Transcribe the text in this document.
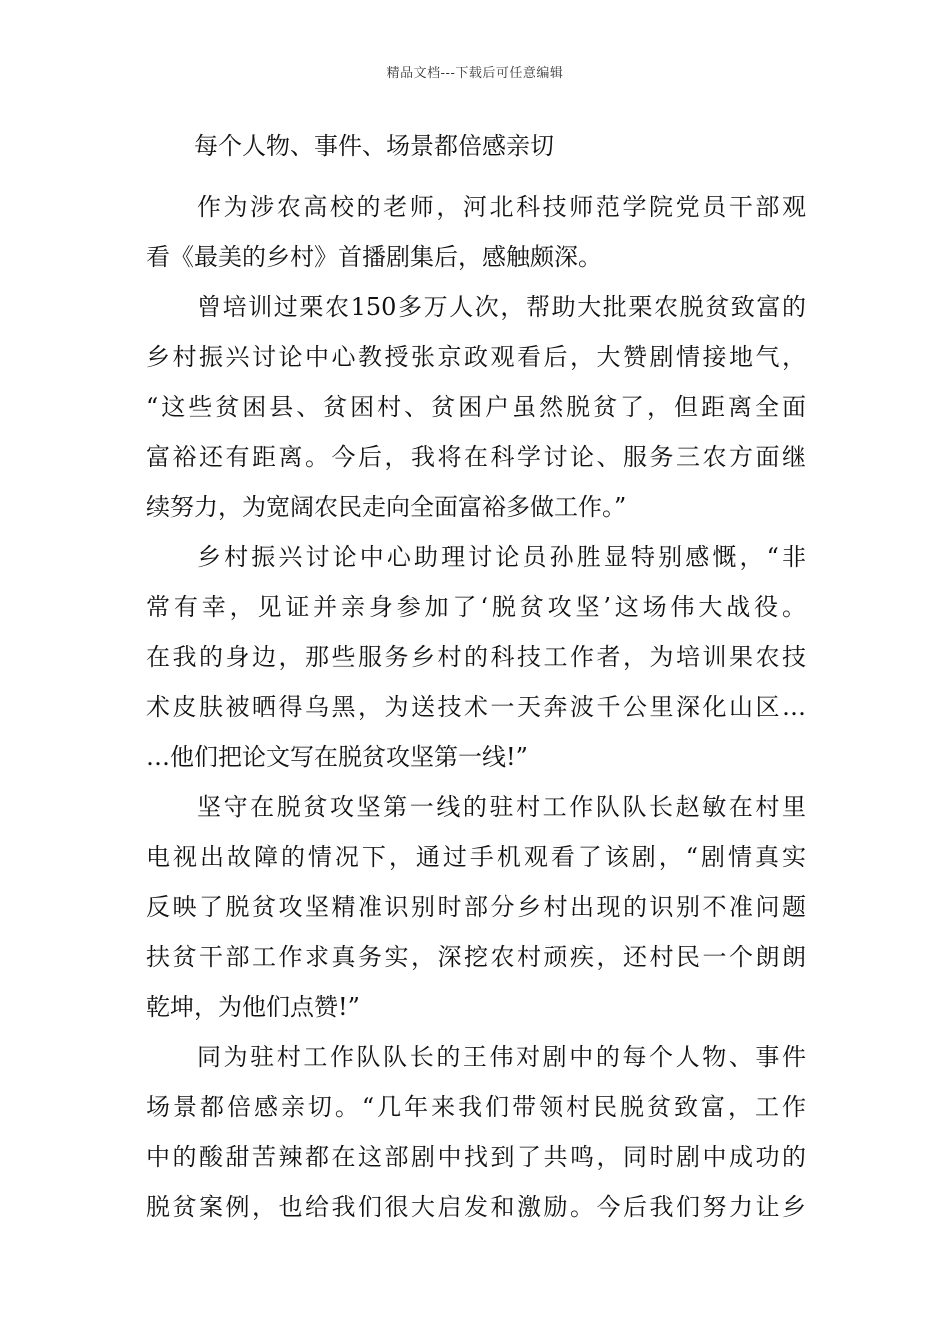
精品文档---下载后可任意编辑
每个人物、事件、场景都倍感亲切
作为涉农高校的老师，河北科技师范学院党员干部观
看《最美的乡村》首播剧集后，感触颇深。
曾培训过栗农150多万人次，帮助大批栗农脱贫致富的
乡村振兴讨论中心教授张京政观看后，大赞剧情接地气，
“这些贫困县、贫困村、贫困户虽然脱贫了，但距离全面
富裕还有距离。今后，我将在科学讨论、服务三农方面继
续努力，为宽阔农民走向全面富裕多做工作。”
乡村振兴讨论中心助理讨论员孙胜显特别感慨，“非
常有幸，见证并亲身参加了‘脱贫攻坚’这场伟大战役。
在我的身边，那些服务乡村的科技工作者，为培训果农技
术皮肤被晒得乌黑，为送技术一天奔波千公里深化山区…
…他们把论文写在脱贫攻坚第一线!”
坚守在脱贫攻坚第一线的驻村工作队队长赵敏在村里
电视出故障的情况下，通过手机观看了该剧，“剧情真实
反映了脱贫攻坚精准识别时部分乡村出现的识别不准问题
扶贫干部工作求真务实，深挖农村顽疾，还村民一个朗朗
乾坤，为他们点赞!”
同为驻村工作队队长的王伟对剧中的每个人物、事件
场景都倍感亲切。“几年来我们带领村民脱贫致富，工作
中的酸甜苦辣都在这部剧中找到了共鸣，同时剧中成功的
脱贫案例，也给我们很大启发和激励。今后我们努力让乡
